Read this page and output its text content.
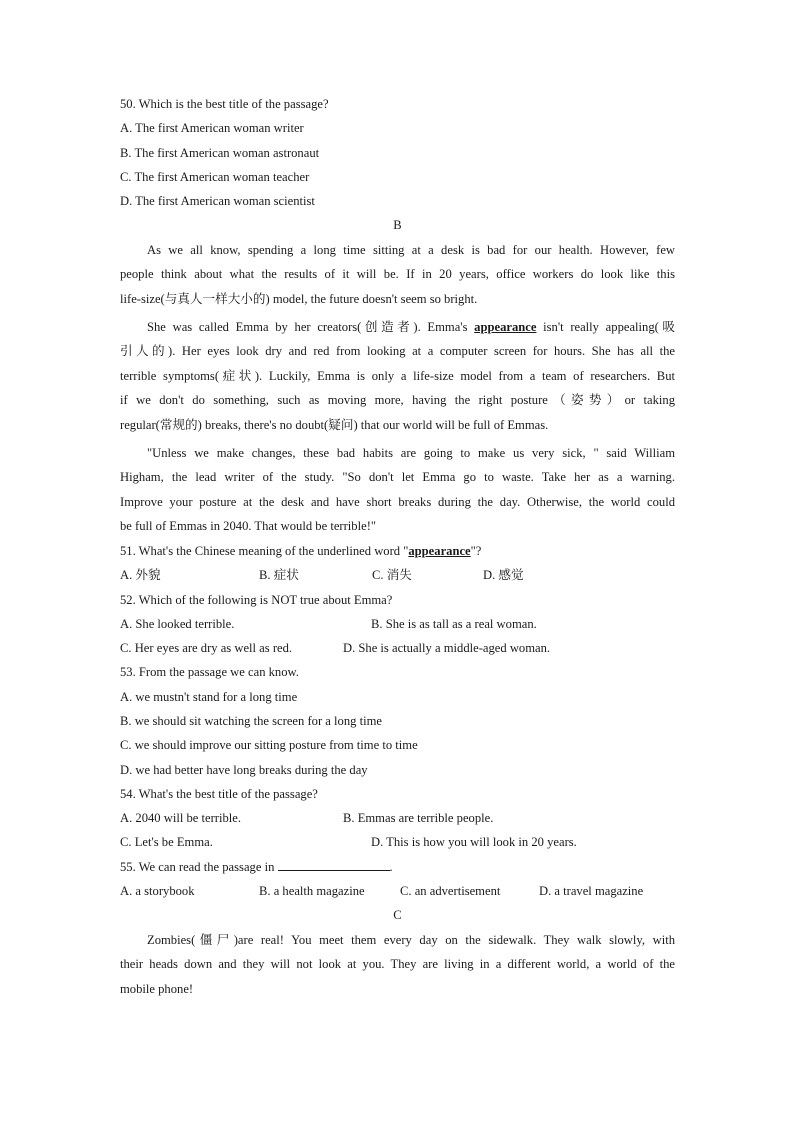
50. Which is the best title of the passage?
A. The first American woman writer
B. The first American woman astronaut
C. The first American woman teacher
D. The first American woman scientist
B
As we all know, spending a long time sitting at a desk is bad for our health. However, few
people think about what the results of it will be. If in 20 years, office workers do look like this
life-size(与真人一样大小的) model, the future doesn't seem so bright.
She was called Emma by her creators(创造者). Emma's appearance isn't really appealing(吸
引人的). Her eyes look dry and red from looking at a computer screen for hours. She has all the
terrible symptoms(症状). Luckily, Emma is only a life-size model from a team of researchers. But
if we don't do something, such as moving more, having the right posture（姿势）or taking
regular(常规的) breaks, there's no doubt(疑问) that our world will be full of Emmas.
"Unless we make changes, these bad habits are going to make us very sick, " said William
Higham, the lead writer of the study. "So don't let Emma go to waste. Take her as a warning.
Improve your posture at the desk and have short breaks during the day. Otherwise, the world could
be full of Emmas in 2040. That would be terrible!"
51. What's the Chinese meaning of the underlined word "appearance"?
A. 外貌	B. 症状	C. 消失	D. 感觉
52. Which of the following is NOT true about Emma?
A. She looked terrible.	B. She is as tall as a real woman.
C. Her eyes are dry as well as red.	D. She is actually a middle-aged woman.
53. From the passage we can know.
A. we mustn't stand for a long time
B. we should sit watching the screen for a long time
C. we should improve our sitting posture from time to time
D. we had better have long breaks during the day
54. What's the best title of the passage?
A. 2040 will be terrible.	B. Emmas are terrible people.
C. Let's be Emma.	D. This is how you will look in 20 years.
55. We can read the passage in	.
A. a storybook	B. a health magazine	C. an advertisement	D. a travel magazine
C
Zombies(僵尸)are real! You meet them every day on the sidewalk. They walk slowly, with
their heads down and they will not look at you. They are living in a different world, a world of the
mobile phone!
